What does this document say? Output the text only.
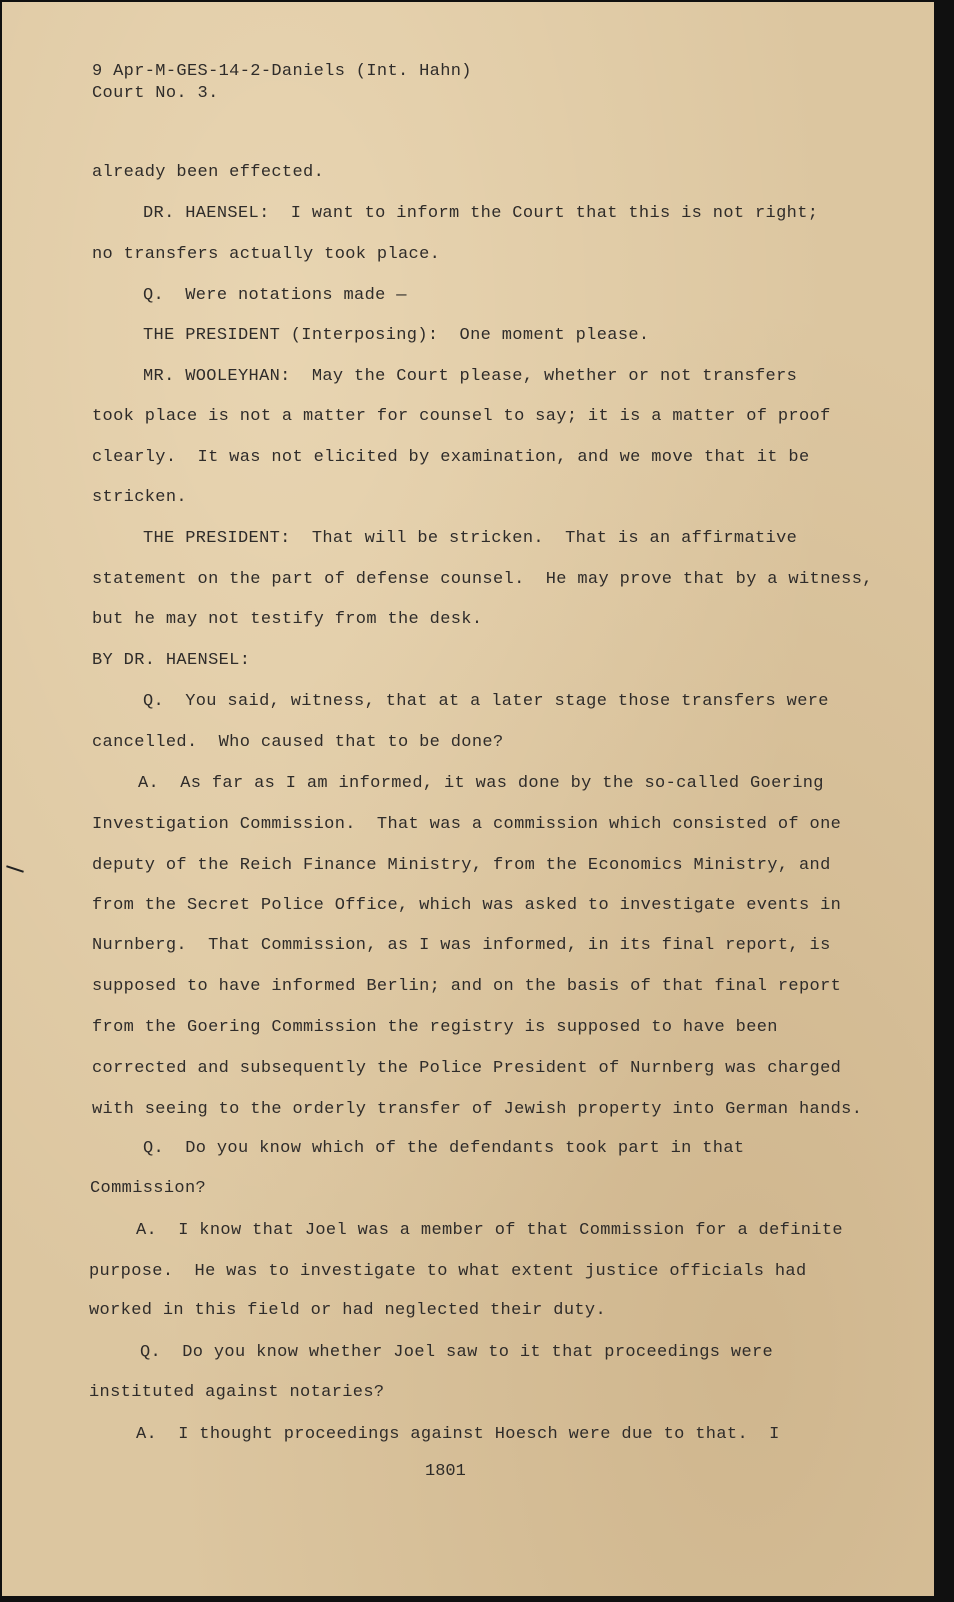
9 Apr-M-GES-14-2-Daniels (Int. Hahn)
Court No. 3.
already been effected.
DR. HAENSEL:  I want to inform the Court that this is not right;
no transfers actually took place.
Q.  Were notations made —
THE PRESIDENT (Interposing):  One moment please.
MR. WOOLEYHAN:  May the Court please, whether or not transfers
took place is not a matter for counsel to say; it is a matter of proof
clearly.  It was not elicited by examination, and we move that it be
stricken.
THE PRESIDENT:  That will be stricken.  That is an affirmative
statement on the part of defense counsel.  He may prove that by a witness,
but he may not testify from the desk.
BY DR. HAENSEL:
Q.  You said, witness, that at a later stage those transfers were
cancelled.  Who caused that to be done?
A.  As far as I am informed, it was done by the so-called Goering
Investigation Commission.  That was a commission which consisted of one
deputy of the Reich Finance Ministry, from the Economics Ministry, and
from the Secret Police Office, which was asked to investigate events in
Nurnberg.  That Commission, as I was informed, in its final report, is
supposed to have informed Berlin; and on the basis of that final report
from the Goering Commission the registry is supposed to have been
corrected and subsequently the Police President of Nurnberg was charged
with seeing to the orderly transfer of Jewish property into German hands.
Q.  Do you know which of the defendants took part in that
Commission?
A.  I know that Joel was a member of that Commission for a definite
purpose.  He was to investigate to what extent justice officials had
worked in this field or had neglected their duty.
Q.  Do you know whether Joel saw to it that proceedings were
instituted against notaries?
A.  I thought proceedings against Hoesch were due to that.  I
1801
